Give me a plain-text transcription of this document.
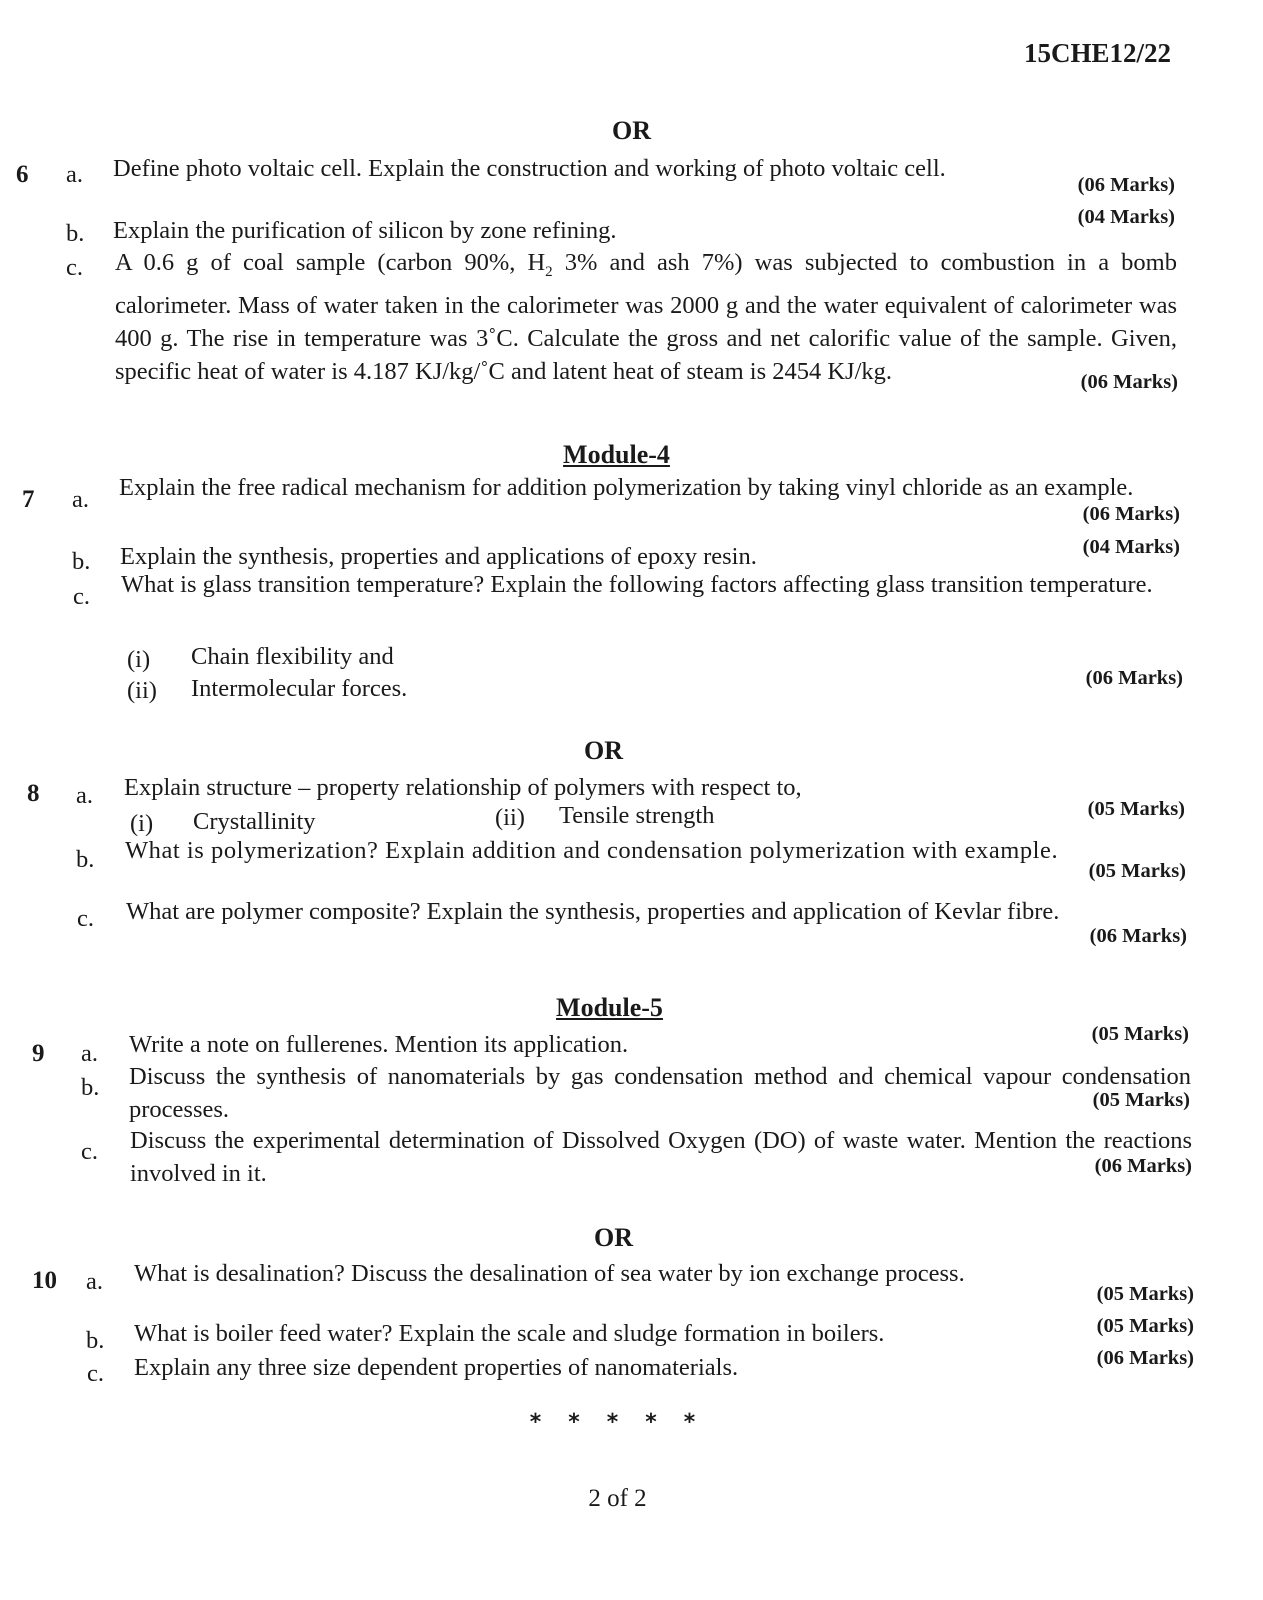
15CHE12/22
OR
6 a. Define photo voltaic cell. Explain the construction and working of photo voltaic cell.
(06 Marks)
b. Explain the purification of silicon by zone refining.	(04 Marks)
c. A 0.6 g of coal sample (carbon 90%, $H_2$ 3% and ash 7%) was subjected to combustion in a bomb calorimeter. Mass of water taken in the calorimeter was 2000 g and the water equivalent of calorimeter was 400 g. The rise in temperature was 3˚C. Calculate the gross and net calorific value of the sample. Given, specific heat of water is 4.187 KJ/kg/˚C and latent heat of steam is 2454 KJ/kg.	(06 Marks)
Module-4
7 a. Explain the free radical mechanism for addition polymerization by taking vinyl chloride as an example.
(06 Marks)
b. Explain the synthesis, properties and applications of epoxy resin.	(04 Marks)
c. What is glass transition temperature? Explain the following factors affecting glass transition temperature.
(i) Chain flexibility and
(ii) Intermolecular forces.	(06 Marks)
OR
8 a. Explain structure – property relationship of polymers with respect to,
(i) Crystallinity	(ii) Tensile strength	(05 Marks)
b. What is polymerization? Explain addition and condensation polymerization with example.
(05 Marks)
c. What are polymer composite? Explain the synthesis, properties and application of Kevlar fibre.
(06 Marks)
Module-5
9 a. Write a note on fullerenes. Mention its application.	(05 Marks)
b. Discuss the synthesis of nanomaterials by gas condensation method and chemical vapour condensation processes.	(05 Marks)
c. Discuss the experimental determination of Dissolved Oxygen (DO) of waste water. Mention the reactions involved in it.	(06 Marks)
OR
10 a. What is desalination? Discuss the desalination of sea water by ion exchange process.
(05 Marks)
b. What is boiler feed water? Explain the scale and sludge formation in boilers.	(05 Marks)
c. Explain any three size dependent properties of nanomaterials.	(06 Marks)
* * * * *
2 of 2
